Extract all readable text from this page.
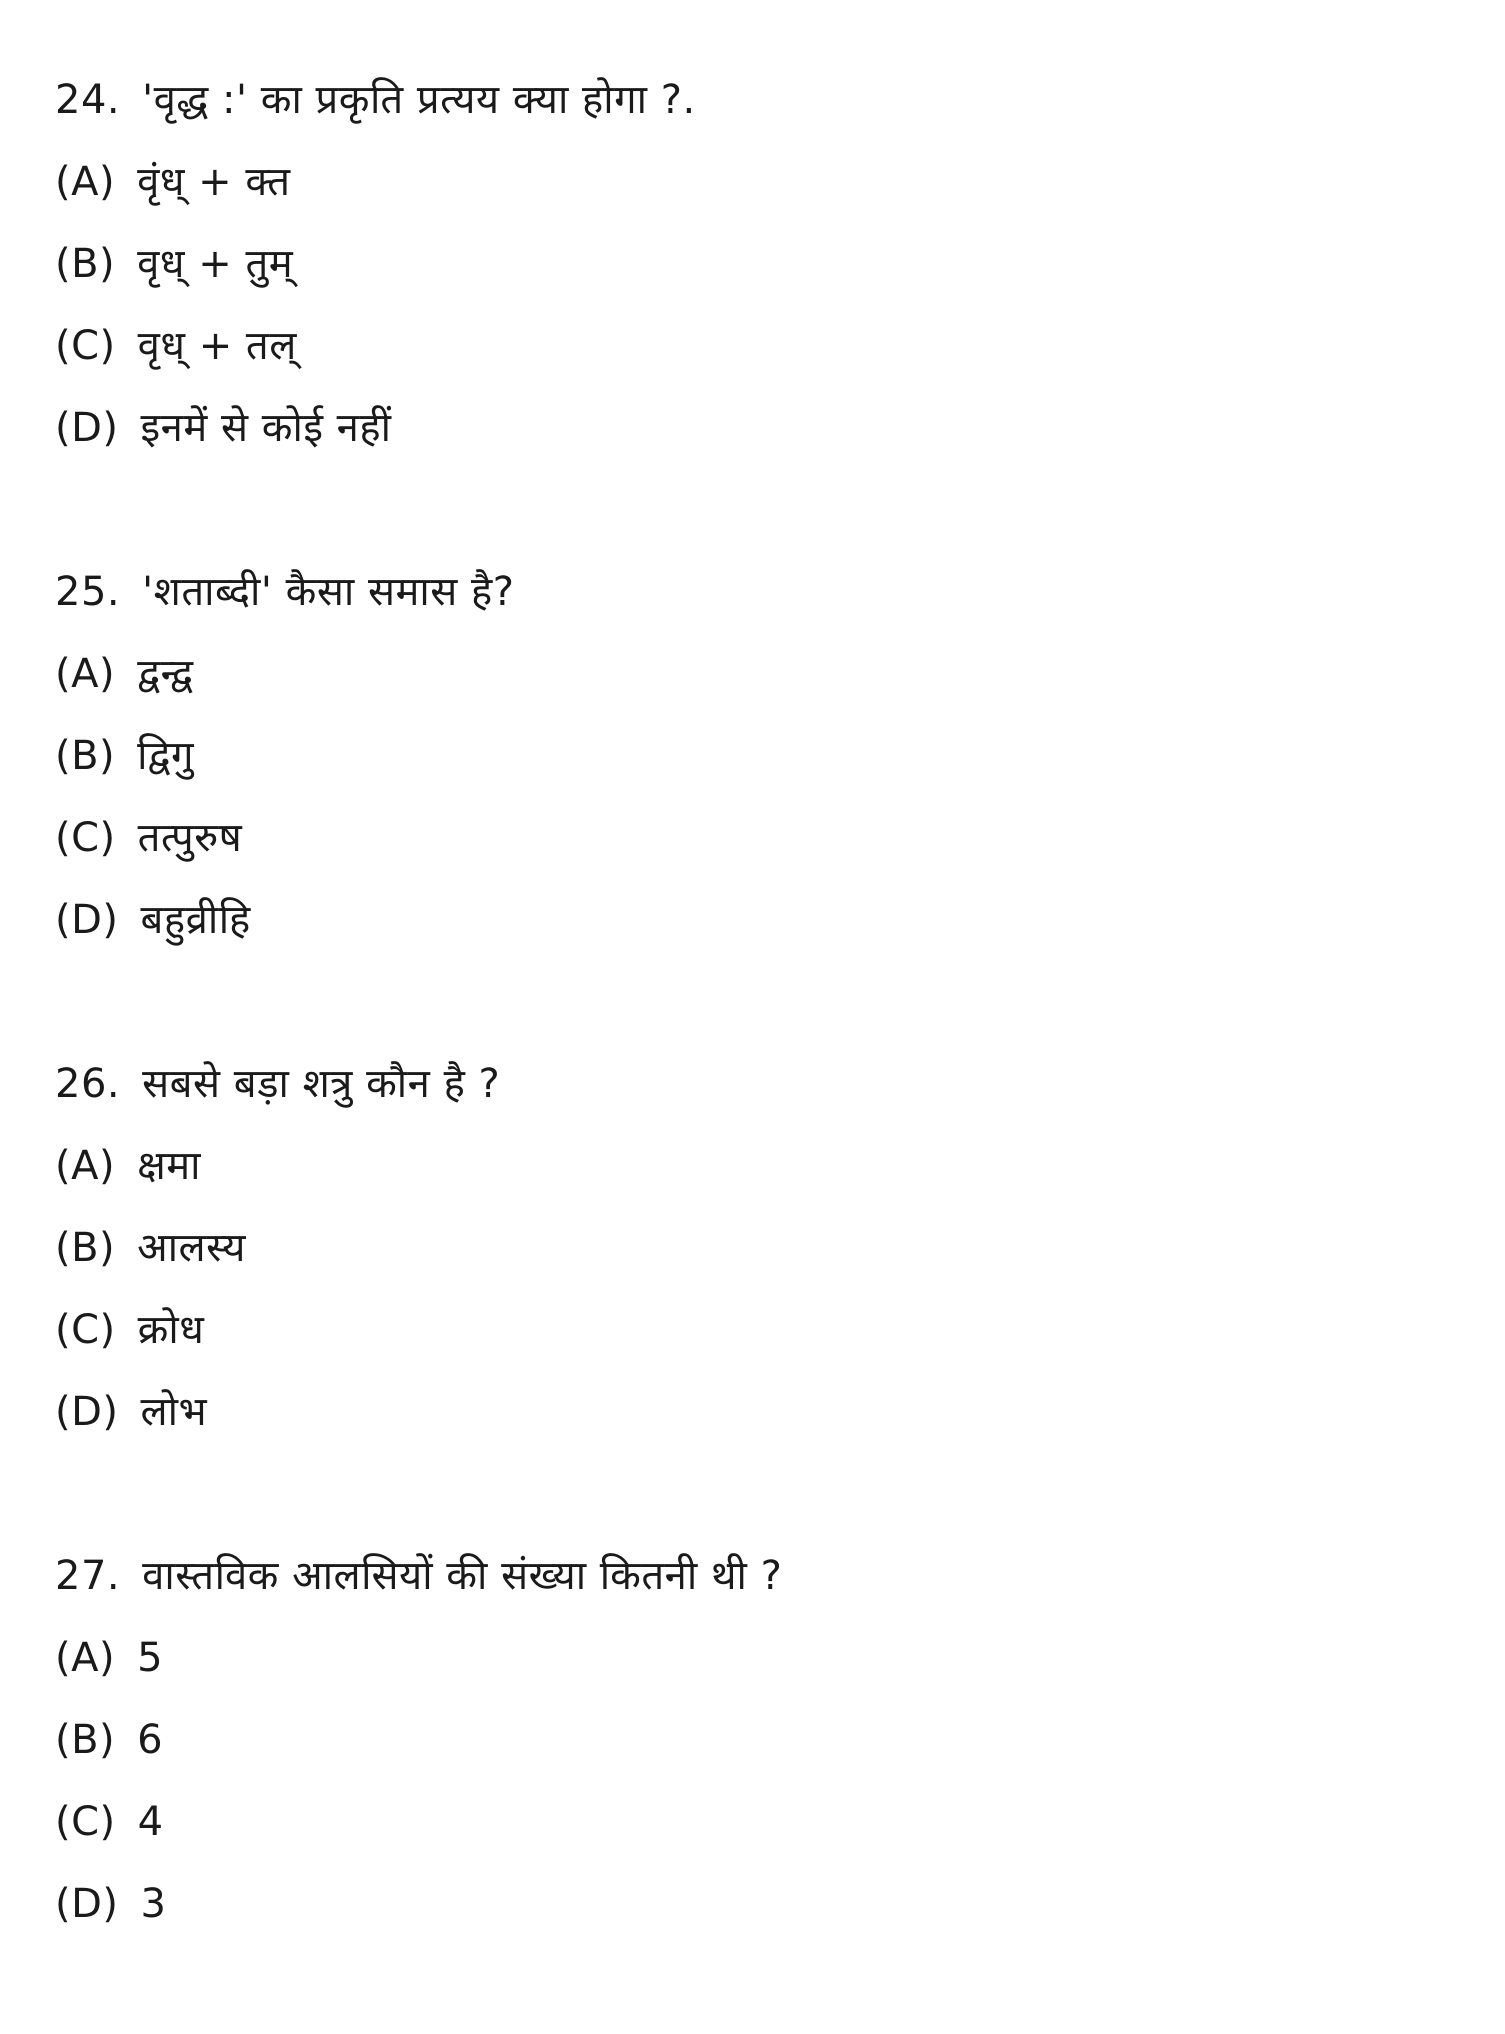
24. 'वृद्ध :' का प्रकृति प्रत्यय क्या होगा ?.
(A) वृंध् + क्त
(B) वृध् + तुम्
(C) वृध् + तल्
(D) इनमें से कोई नहीं
25. 'शताब्दी' कैसा समास है?
(A) द्वन्द्व
(B) द्विगु
(C) तत्पुरुष
(D) बहुव्रीहि
26. सबसे बड़ा शत्रु कौन है ?
(A) क्षमा
(B) आलस्य
(C) क्रोध
(D) लोभ
27. वास्तविक आलसियों की संख्या कितनी थी ?
(A) 5
(B) 6
(C) 4
(D) 3
